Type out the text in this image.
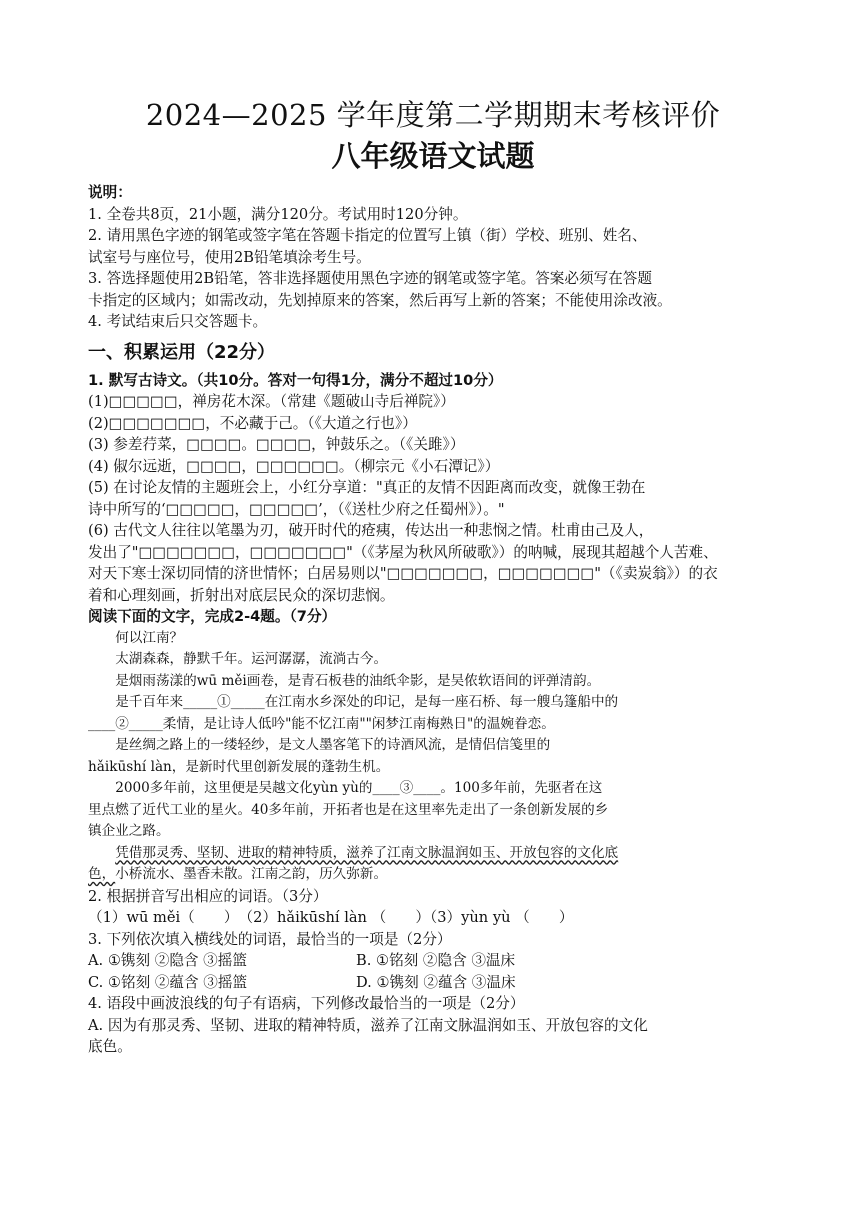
2024—2025 学年度第二学期期末考核评价
八年级语文试题
说明：
1. 全卷共8页，21小题，满分120分。考试用时120分钟。
2. 请用黑色字迹的钢笔或签字笔在答题卡指定的位置写上镇（街）学校、班别、姓名、
试室号与座位号，使用2B铅笔填涂考生号。
3. 答选择题使用2B铅笔，答非选择题使用黑色字迹的钢笔或签字笔。答案必须写在答题
卡指定的区域内；如需改动，先划掉原来的答案，然后再写上新的答案；不能使用涂改液。
4. 考试结束后只交答题卡。
一、积累运用（22分）
1. 默写古诗文。（共10分。答对一句得1分，满分不超过10分）
(1)□□□□□，禅房花木深。（常建《题破山寺后禅院》）
(2)□□□□□□□，不必藏于己。（《大道之行也》）
(3) 参差荇菜，□□□□。□□□□，钟鼓乐之。（《关雎》）
(4) 俶尔远逝，□□□□，□□□□□□。（柳宗元《小石潭记》）
(5) 在讨论友情的主题班会上，小红分享道："真正的友情不因距离而改变，就像王勃在
诗中所写的‘□□□□□，□□□□□’，（《送杜少府之任蜀州》）。"
(6) 古代文人往往以笔墨为刃，破开时代的疮痍，传达出一种悲悯之情。杜甫由己及人，
发出了"□□□□□□□，□□□□□□□"（《茅屋为秋风所破歌》）的呐喊，展现其超越个人苦难、
对天下寒士深切同情的济世情怀；白居易则以"□□□□□□□，□□□□□□□"（《卖炭翁》）的衣
着和心理刻画，折射出对底层民众的深切悲悯。
阅读下面的文字，完成2-4题。（7分）
何以江南？
太湖森森，静默千年。运河潺潺，流淌古今。
是烟雨荡漾的wū měi画卷，是青石板巷的油纸伞影，是吴侬软语间的评弹清韵。
是千百年来_____①_____在江南水乡深处的印记，是每一座石桥、每一艘乌篷船中的
____②_____柔情，是让诗人低吟"能不忆江南""闲梦江南梅熟日"的温婉眷恋。
是丝绸之路上的一缕轻纱，是文人墨客笔下的诗酒风流，是情侣信笺里的
hǎikūshí làn，是新时代里创新发展的蓬勃生机。
2000多年前，这里便是吴越文化yùn yù的____③____。100多年前，先驱者在这
里点燃了近代工业的星火。40多年前，开拓者也是在这里率先走出了一条创新发展的乡
镇企业之路。
凭借那灵秀、坚韧、进取的精神特质，滋养了江南文脉温润如玉、开放包容的文化底
色，小桥流水、墨香未散。江南之韵，历久弥新。
2. 根据拼音写出相应的词语。（3分）
（1）wū měi（　　）　（2）hǎikūshí làn （　　）（3）yùn yù （　　）
3. 下列依次填入横线处的词语，最恰当的一项是（2分）
A. ①镌刻 ②隐含 ③摇篮	B. ①铭刻 ②隐含 ③温床
C. ①铭刻 ②蕴含 ③摇篮	D. ①镌刻 ②蕴含 ③温床
4. 语段中画波浪线的句子有语病，下列修改最恰当的一项是（2分）
A. 因为有那灵秀、坚韧、进取的精神特质，滋养了江南文脉温润如玉、开放包容的文化
底色。
